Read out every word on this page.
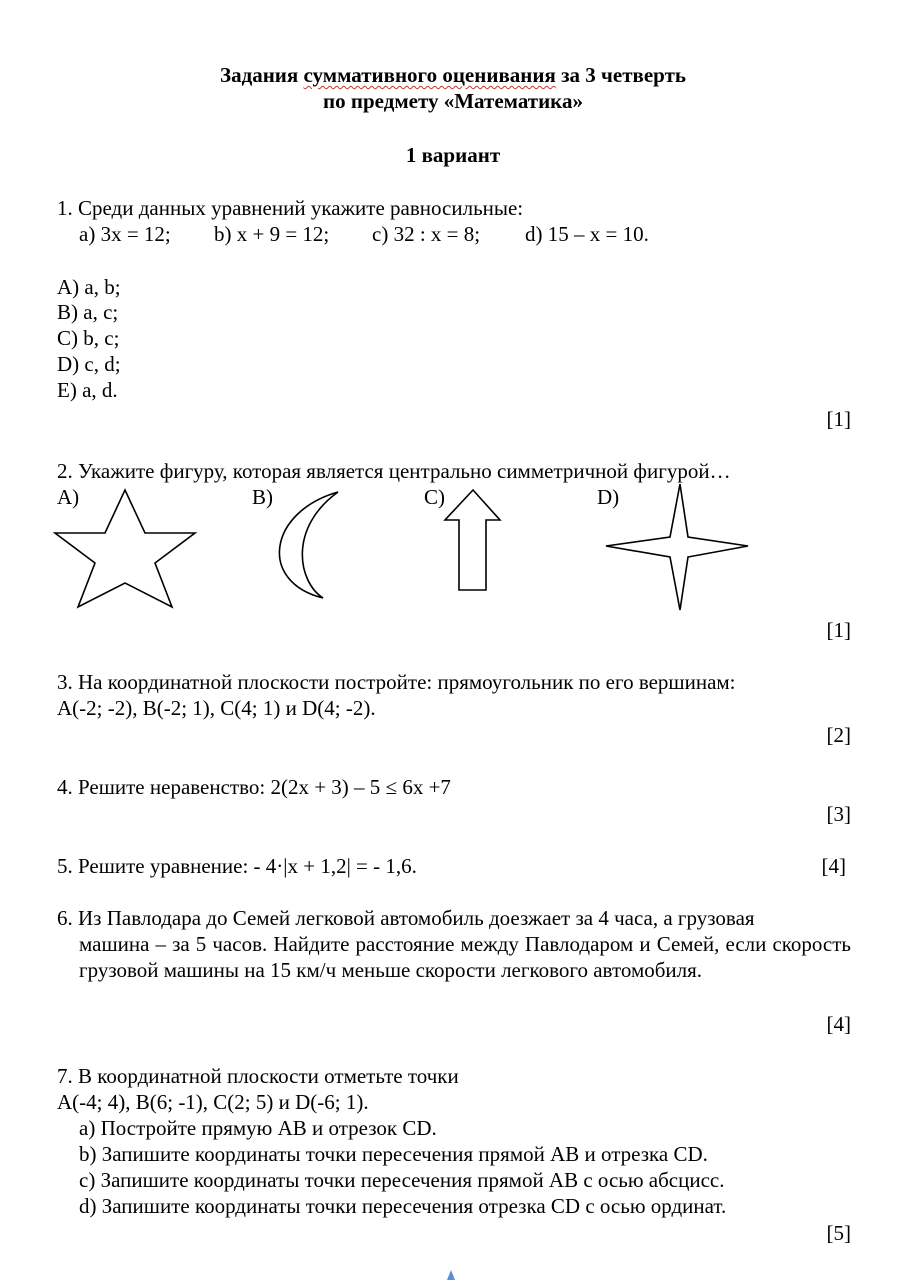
Задания суммативного оценивания за 3 четверть
по предмету «Математика»
1 вариант
1. Среди данных уравнений укажите равносильные:
a) 3x = 12; b) x + 9 = 12; c) 32 : x = 8; d) 15 – x = 10.
A) a, b;
B) a, c;
C) b, c;
D) c, d;
E) a, d.
[1]
2. Укажите фигуру, которая является центрально симметричной фигурой…
A)	B)	C)	D)
[1]
3. На координатной плоскости постройте: прямоугольник по его вершинам:
A(-2; -2), B(-2; 1), C(4; 1) и D(4; -2).
[2]
4. Решите неравенство: 2(2x + 3) – 5 ≤ 6x +7
[3]
5. Решите уравнение: - 4·|x + 1,2| = - 1,6.	[4]
6. Из Павлодара до Семей легковой автомобиль доезжает за 4 часа, а грузовая
машина – за 5 часов. Найдите расстояние между Павлодаром и Семей, если скорость грузовой машины на 15 км/ч меньше скорости легкового автомобиля.
[4]
7. В координатной плоскости отметьте точки
A(-4; 4), B(6; -1), C(2; 5) и D(-6; 1).
a) Постройте прямую AB и отрезок CD.
b) Запишите координаты точки пересечения прямой AB и отрезка CD.
c) Запишите координаты точки пересечения прямой AB с осью абсцисс.
d) Запишите координаты точки пересечения отрезка CD с осью ординат.
[5]
